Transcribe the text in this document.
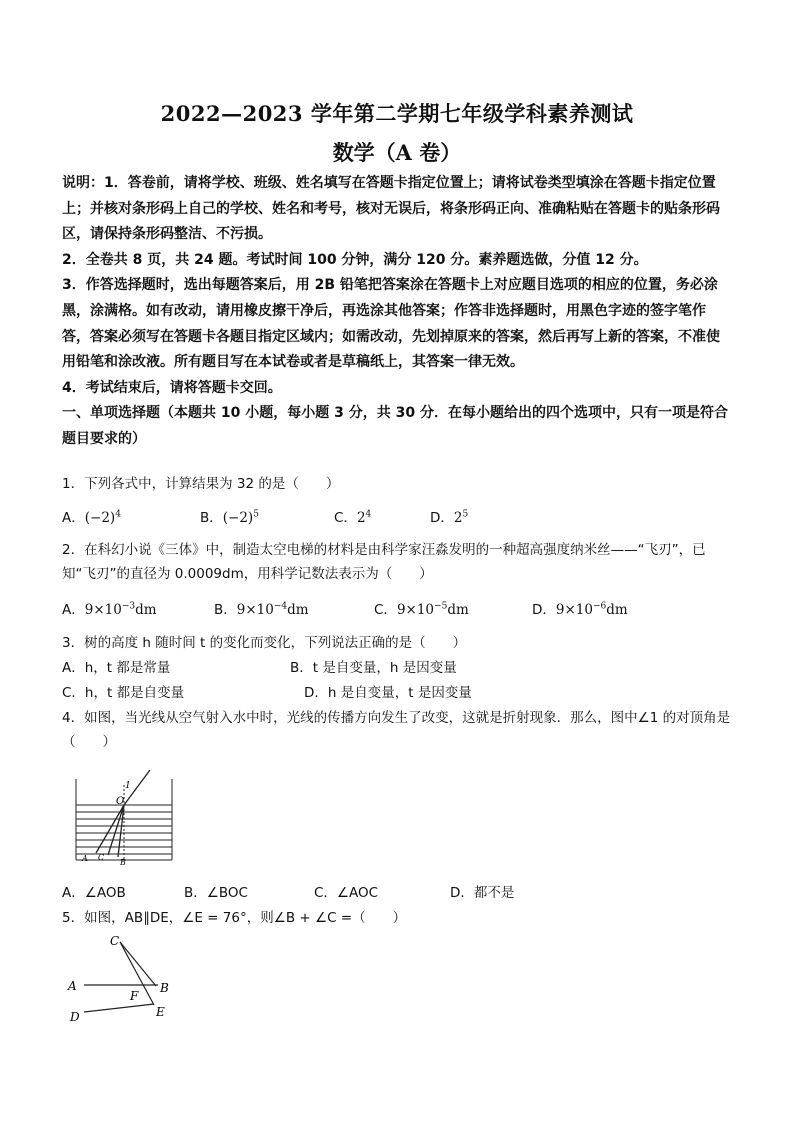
2022—2023 学年第二学期七年级学科素养测试
数学（A 卷）
说明：1．答卷前，请将学校、班级、姓名填写在答题卡指定位置上；请将试卷类型填涂在答题卡指定位置上；并核对条形码上自己的学校、姓名和考号，核对无误后，将条形码正向、准确粘贴在答题卡的贴条形码区，请保持条形码整洁、不污损。
2．全卷共 8 页，共 24 题。考试时间 100 分钟，满分 120 分。素养题选做，分值 12 分。
3．作答选择题时，选出每题答案后，用 2B 铅笔把答案涂在答题卡上对应题目选项的相应的位置，务必涂黑，涂满格。如有改动，请用橡皮擦干净后，再选涂其他答案；作答非选择题时，用黑色字迹的签字笔作答，答案必须写在答题卡各题目指定区域内；如需改动，先划掉原来的答案，然后再写上新的答案，不准使用铅笔和涂改液。所有题目写在本试卷或者是草稿纸上，其答案一律无效。
4．考试结束后，请将答题卡交回。
一、单项选择题（本题共 10 小题，每小题 3 分，共 30 分．在每小题给出的四个选项中，只有一项是符合题目要求的）
1．下列各式中，计算结果为 32 的是（　　）
A．$(-2)^4$	B．$(-2)^5$	C．$2^4$	D．$2^5$
2．在科幻小说《三体》中，制造太空电梯的材料是由科学家汪淼发明的一种超高强度纳米丝——“飞刃”，已知“飞刃”的直径为 0.0009dm，用科学记数法表示为（　　）
A．$9\times 10^{-3}dm$	B．$9\times 10^{-4}dm$	C．$9\times 10^{-5}dm$	D．$9\times 10^{-6}dm$
3．树的高度 h 随时间 t 的变化而变化，下列说法正确的是（　　）
A．h，t 都是常量	B．t 是自变量，h 是因变量
C．h，t 都是自变量	D．h 是自变量，t 是因变量
4．如图，当光线从空气射入水中时，光线的传播方向发生了改变，这就是折射现象．那么，图中∠1 的对顶角是（　　）
1
O
A	B
C
A．∠AOB	B．∠BOC	C．∠AOC	D．都不是
5．如图，AB∥DE，∠E = 76°，则∠B + ∠C =（　　）
C
A	B
F
D	E
